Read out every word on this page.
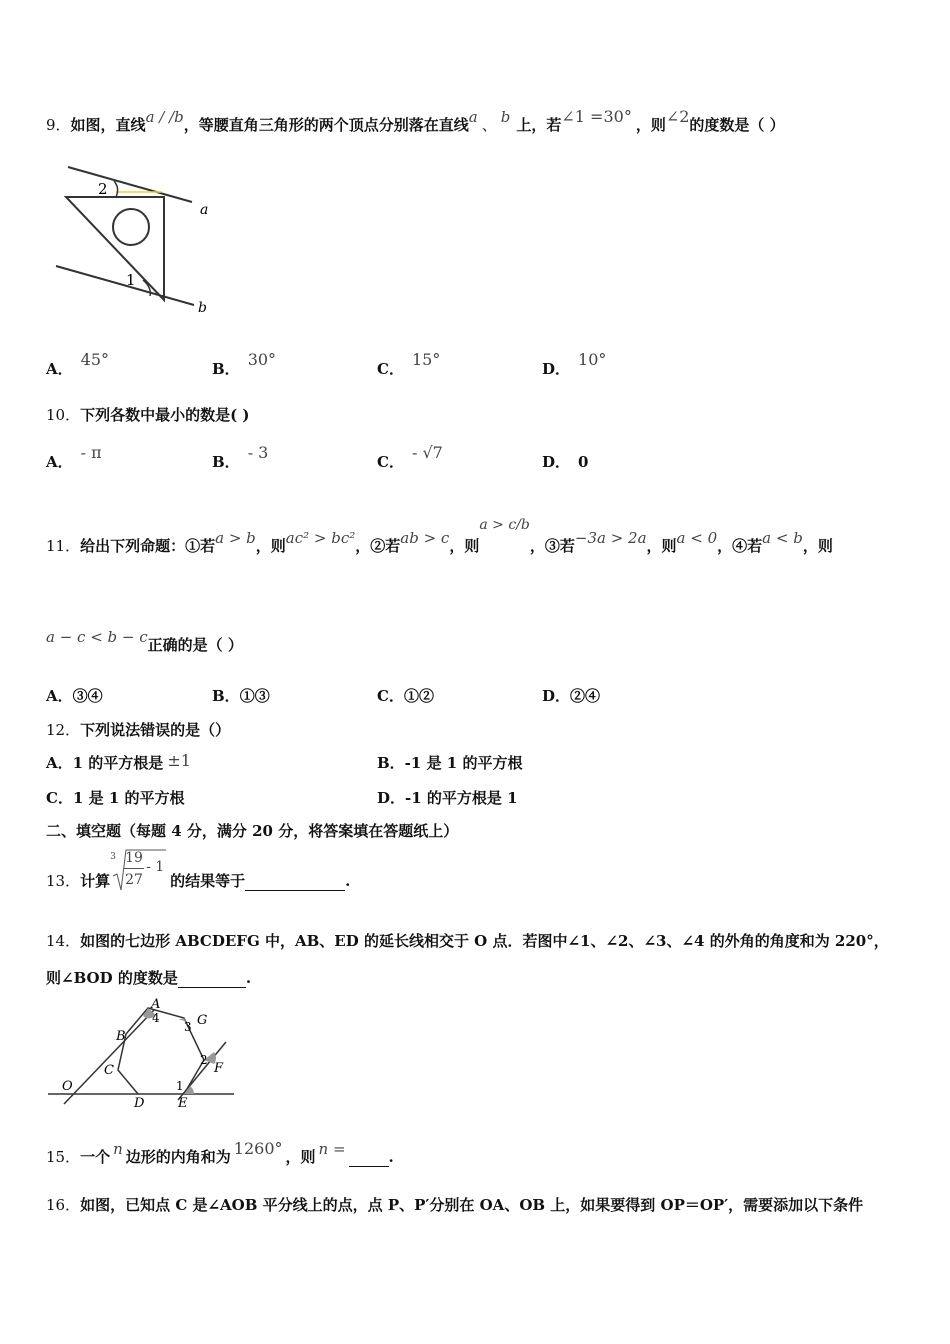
9．如图，直线a / /b，等腰直角三角形的两个顶点分别落在直线a 、 b 上，若∠1 =30° ，则∠2的度数是（ ）
2
1
a
b
A． 45°	B． 30°	C． 15°	D． 10°
10．下列各数中最小的数是( )
A． - π	B． - 3	C． - √7	D． 0
11．给出下列命题：①若a > b，则ac² > bc²，②若ab > c，则a > c/b，③若−3a > 2a，则a < 0，④若a < b，则
a − c < b − c正确的是（ ）
A．③④	B．①③	C．①②	D．②④
12．下列说法错误的是（）
A．1 的平方根是 ±1	B．-1 是 1 的平方根
C．1 是 1 的平方根	D．-1 的平方根是 1
二、填空题（每题 4 分，满分 20 分，将答案填在答题纸上）
13．计算
3 19
27
- 1
的结果等于	.
14．如图的七边形 ABCDEFG 中，AB、ED 的延长线相交于 O 点．若图中∠1、∠2、∠3、∠4 的外角的角度和为 220°，
则∠BOD 的度数是	.
A
4	G
3
B
2
F
C
O	1
D	E
15．一个 n 边形的内角和为 1260° ，则 n =	.
16．如图，已知点 C 是∠AOB 平分线上的点，点 P、P′分别在 OA、OB 上，如果要得到 OP＝OP′，需要添加以下条件
